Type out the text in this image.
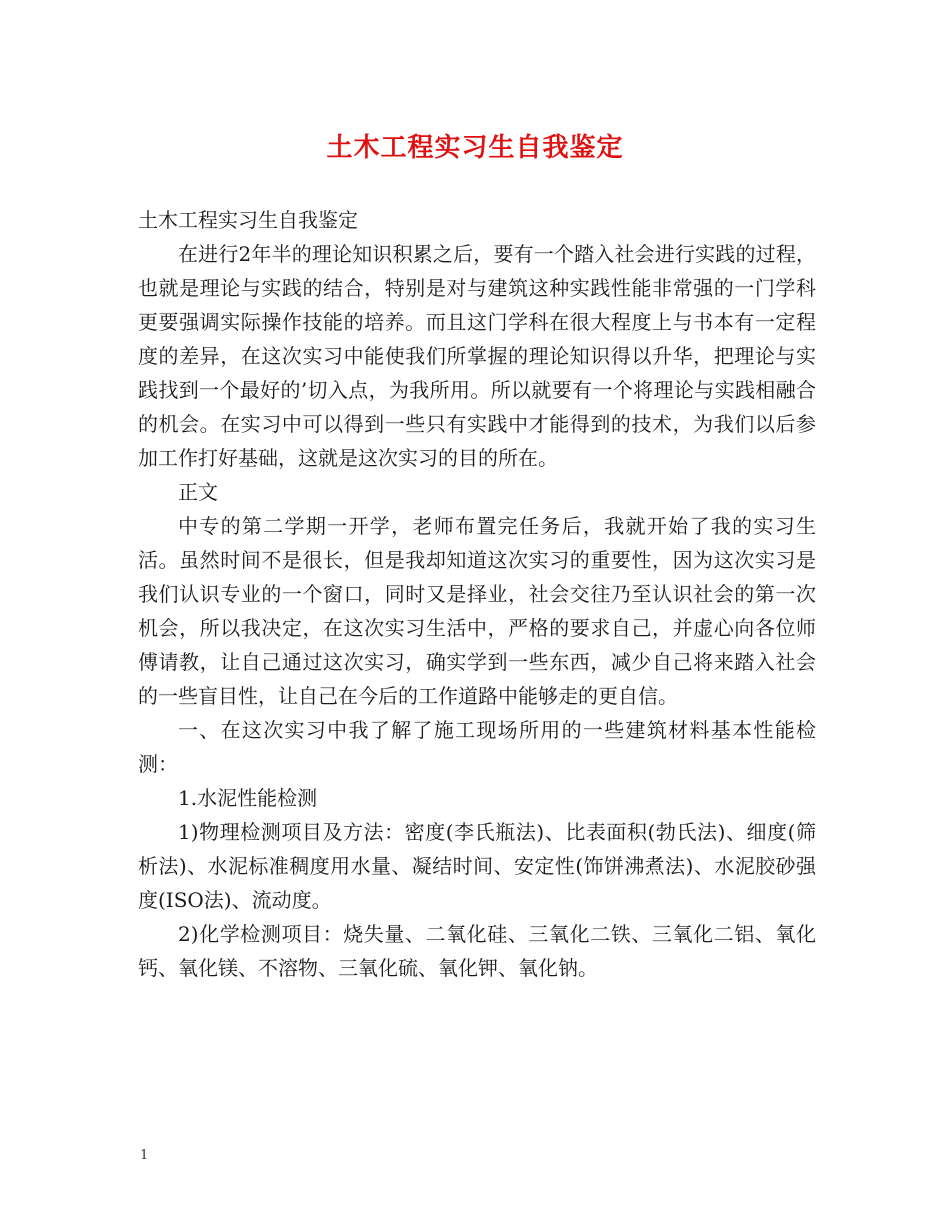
土木工程实习生自我鉴定

土木工程实习生自我鉴定

在进行2年半的理论知识积累之后，要有一个踏入社会进行实践的过程，也就是理论与实践的结合，特别是对与建筑这种实践性能非常强的一门学科更要强调实际操作技能的培养。而且这门学科在很大程度上与书本有一定程度的差异，在这次实习中能使我们所掌握的理论知识得以升华，把理论与实践找到一个最好的’切入点，为我所用。所以就要有一个将理论与实践相融合的机会。在实习中可以得到一些只有实践中才能得到的技术，为我们以后参加工作打好基础，这就是这次实习的目的所在。

正文

中专的第二学期一开学，老师布置完任务后，我就开始了我的实习生活。虽然时间不是很长，但是我却知道这次实习的重要性，因为这次实习是我们认识专业的一个窗口，同时又是择业，社会交往乃至认识社会的第一次机会，所以我决定，在这次实习生活中，严格的要求自己，并虚心向各位师傅请教，让自己通过这次实习，确实学到一些东西，减少自己将来踏入社会的一些盲目性，让自己在今后的工作道路中能够走的更自信。

一、在这次实习中我了解了施工现场所用的一些建筑材料基本性能检测：

1.水泥性能检测

1)物理检测项目及方法：密度(李氏瓶法)、比表面积(勃氏法)、细度(筛析法)、水泥标准稠度用水量、凝结时间、安定性(饰饼沸煮法)、水泥胶砂强度(ISO法)、流动度。

2)化学检测项目：烧失量、二氧化硅、三氧化二铁、三氧化二铝、氧化钙、氧化镁、不溶物、三氧化硫、氧化钾、氧化钠。

1
